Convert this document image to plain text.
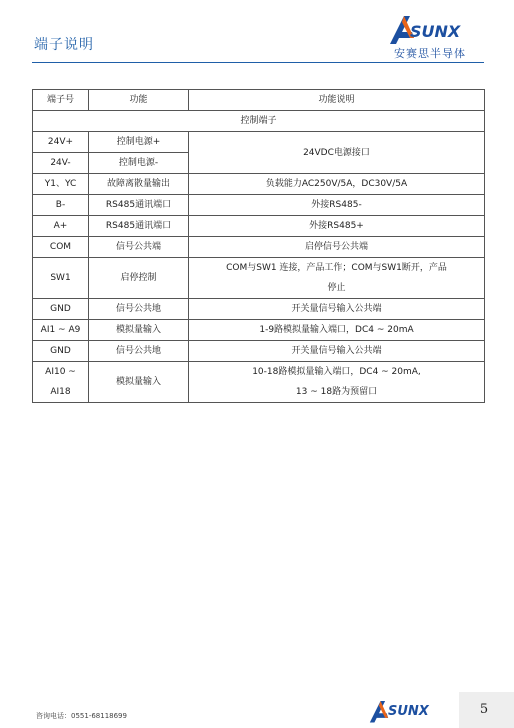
端子说明
SUNX
安赛思半导体
端子号	功能	功能说明
控制端子		
24V+	控制电源+	24VDC电源接口
24V-	控制电源-	
Y1、YC	故障离散量输出	负载能力AC250V/5A，DC30V/5A
B-	RS485通讯端口	外接RS485-
A+	RS485通讯端口	外接RS485+
COM	信号公共端	启停信号公共端
SW1	启停控制	COM与SW1 连接，产品工作；COM与SW1断开，产品
停止

GND	信号公共地	开关量信号输入公共端
AI1 ~ A9	模拟量输入	1-9路模拟量输入端口，DC4 ~ 20mA
GND	信号公共地	开关量信号输入公共端
AI10 ~ AI18	模拟量输入	10-18路模拟量输入端口，DC4 ~ 20mA,
13 ~ 18路为预留口
咨询电话：0551-68118699	SUNX	5
